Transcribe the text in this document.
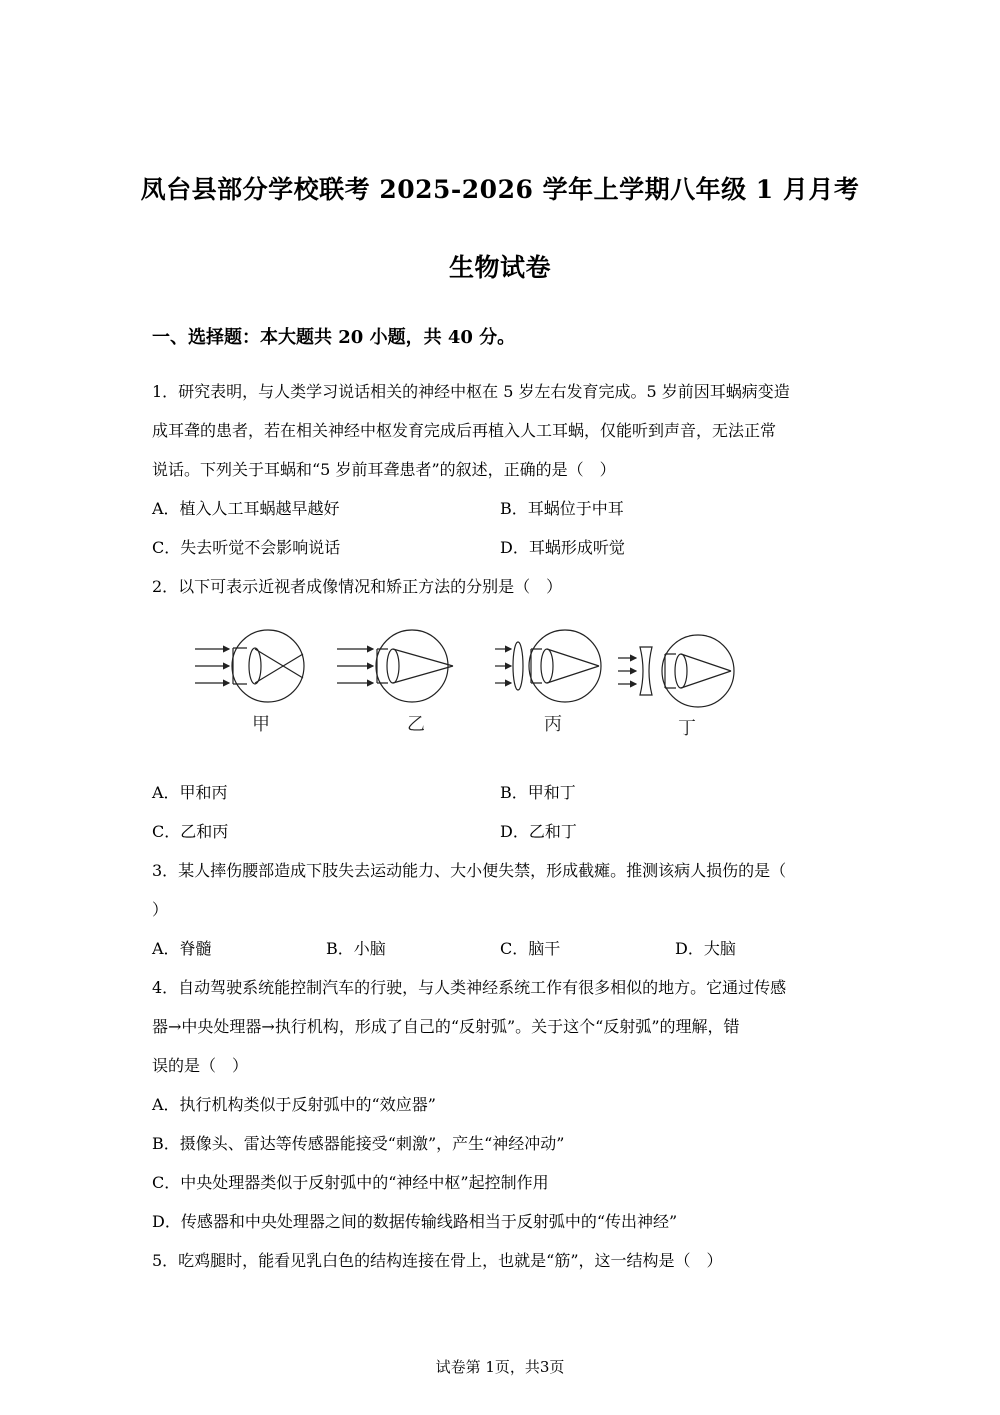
凤台县部分学校联考 2025-2026 学年上学期八年级 1 月月考
生物试卷
一、选择题：本大题共 20 小题，共 40 分。
1．研究表明，与人类学习说话相关的神经中枢在 5 岁左右发育完成。5 岁前因耳蜗病变造
成耳聋的患者，若在相关神经中枢发育完成后再植入人工耳蜗，仅能听到声音，无法正常
说话。下列关于耳蜗和“5 岁前耳聋患者”的叙述，正确的是（　）
A．植入人工耳蜗越早越好	B．耳蜗位于中耳
C．失去听觉不会影响说话	D．耳蜗形成听觉
2．以下可表示近视者成像情况和矫正方法的分别是（　）
甲	乙	丙	丁
A．甲和丙	B．甲和丁
C．乙和丙	D．乙和丁
3．某人摔伤腰部造成下肢失去运动能力、大小便失禁，形成截瘫。推测该病人损伤的是（
）
A．脊髓	B．小脑	C．脑干	D．大脑
4．自动驾驶系统能控制汽车的行驶，与人类神经系统工作有很多相似的地方。它通过传感
器→中央处理器→执行机构，形成了自己的“反射弧”。关于这个“反射弧”的理解，错
误的是（　）
A．执行机构类似于反射弧中的“效应器”
B．摄像头、雷达等传感器能接受“刺激”，产生“神经冲动”
C．中央处理器类似于反射弧中的“神经中枢”起控制作用
D．传感器和中央处理器之间的数据传输线路相当于反射弧中的“传出神经”
5．吃鸡腿时，能看见乳白色的结构连接在骨上，也就是“筋”，这一结构是（　）
试卷第 1页，共3页
